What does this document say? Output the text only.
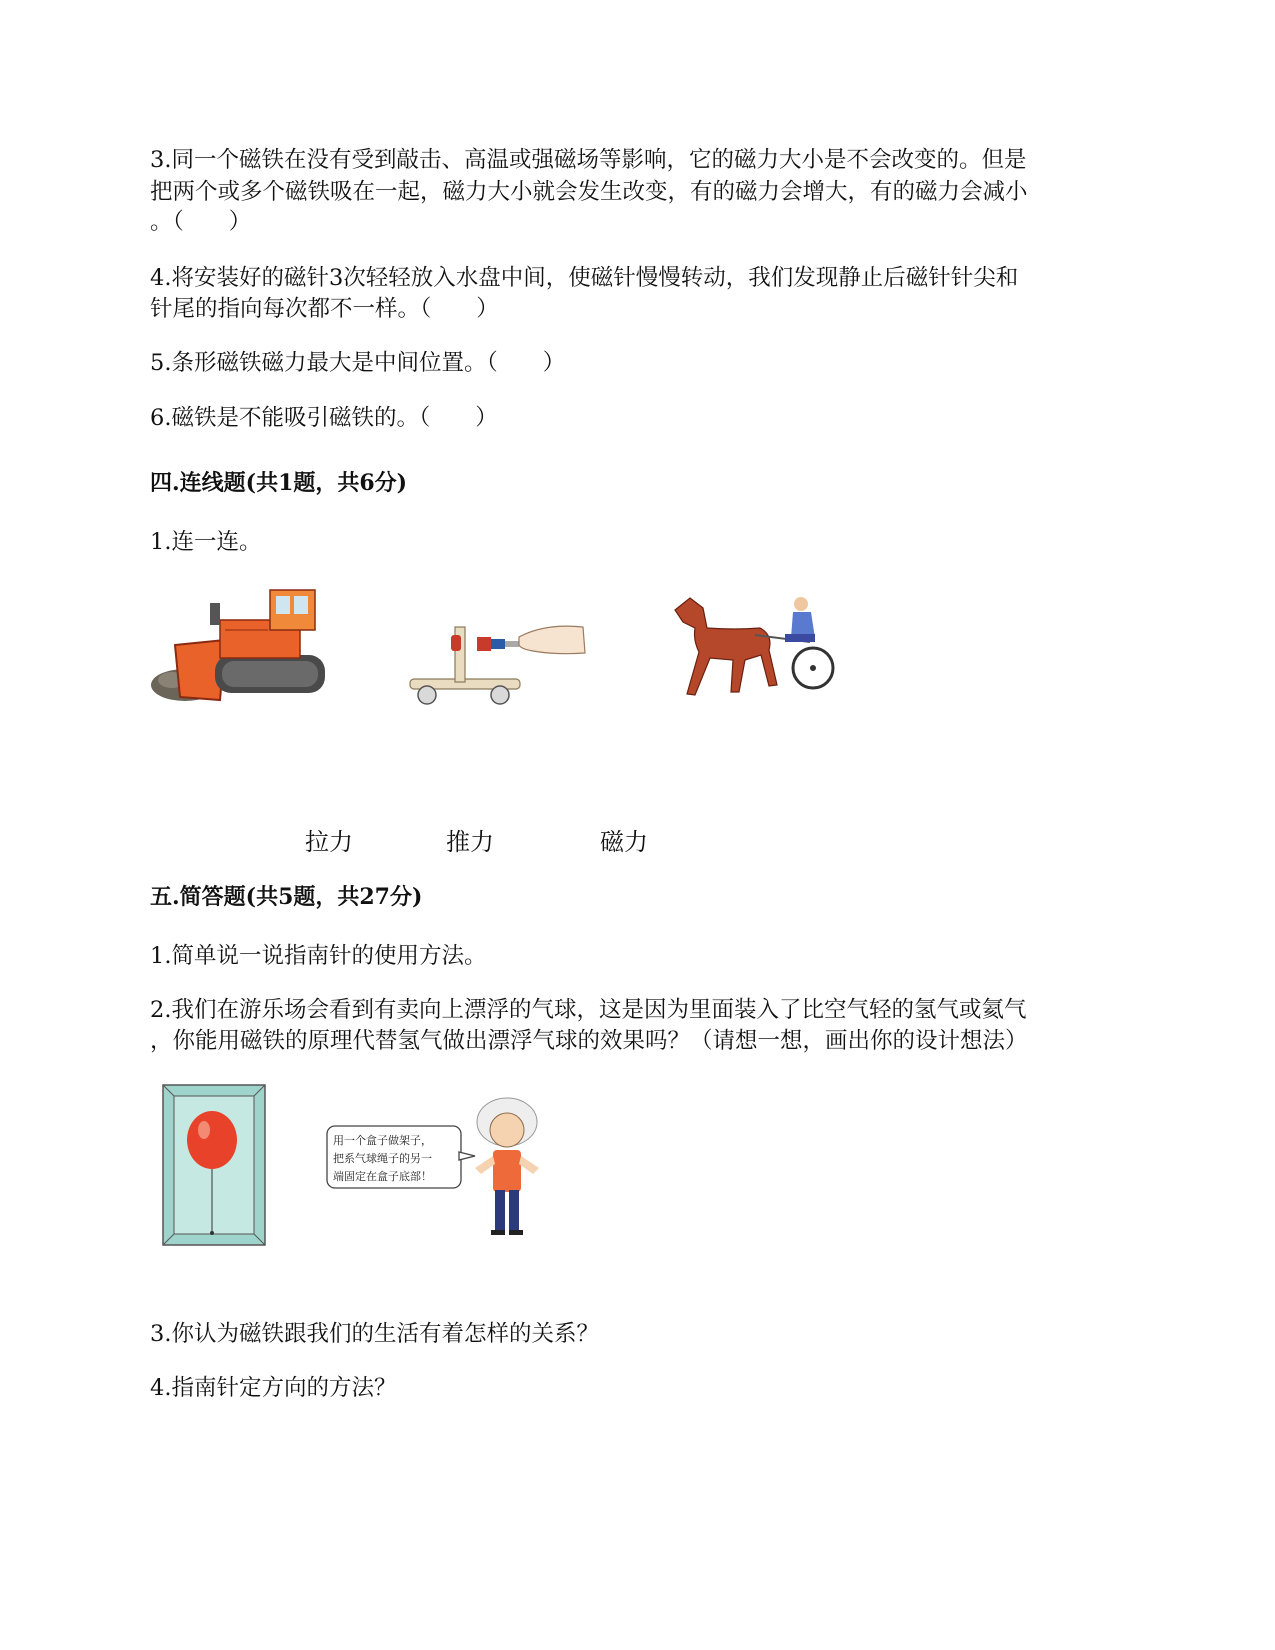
3.同一个磁铁在没有受到敲击、高温或强磁场等影响，它的磁力大小是不会改变的。但是
把两个或多个磁铁吸在一起，磁力大小就会发生改变，有的磁力会增大，有的磁力会减小
。（　　）
4.将安装好的磁针3次轻轻放入水盘中间，使磁针慢慢转动，我们发现静止后磁针针尖和
针尾的指向每次都不一样。（　　）
5.条形磁铁磁力最大是中间位置。（　　）
6.磁铁是不能吸引磁铁的。（　　）
四.连线题(共1题，共6分)
1.连一连。
拉力	推力	磁力
五.简答题(共5题，共27分)
1.简单说一说指南针的使用方法。
2.我们在游乐场会看到有卖向上漂浮的气球，这是因为里面装入了比空气轻的氢气或氦气
，你能用磁铁的原理代替氢气做出漂浮气球的效果吗？（请想一想，画出你的设计想法）
用一个盒子做架子，
把系气球绳子的另一
端固定在盒子底部！
3.你认为磁铁跟我们的生活有着怎样的关系？
4.指南针定方向的方法？
